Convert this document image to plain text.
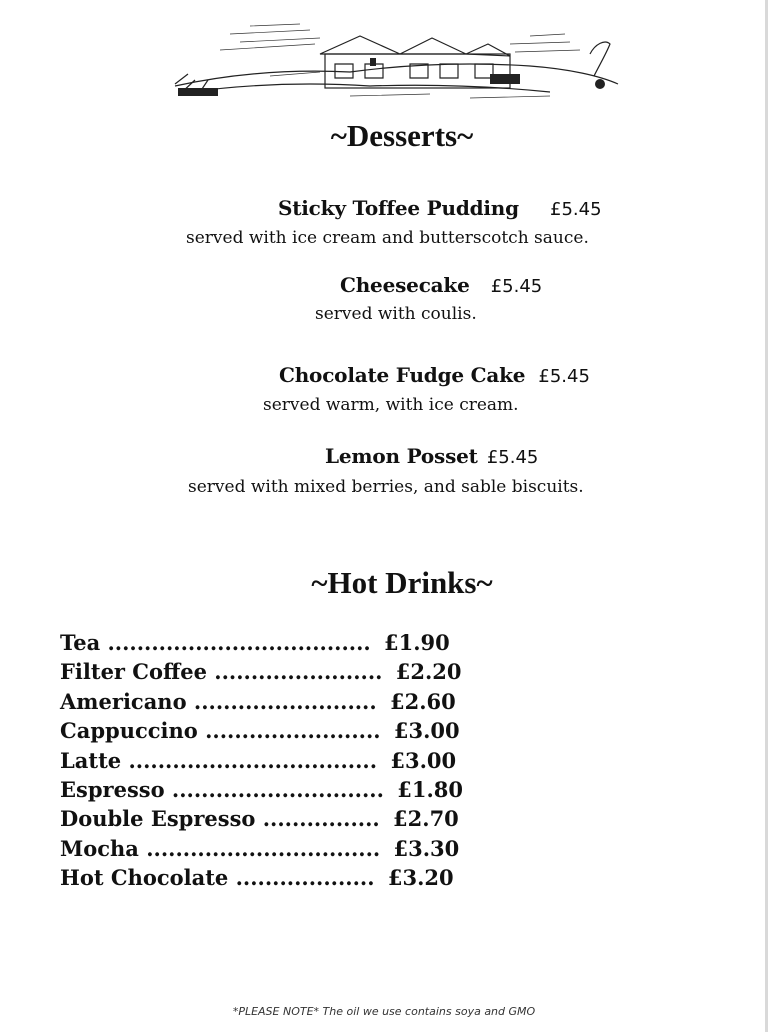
~Desserts~
Sticky Toffee Pudding £5.45
served with ice cream and butterscotch sauce.
Cheesecake £5.45
served with coulis.
Chocolate Fudge Cake £5.45
served warm, with ice cream.
Lemon Posset £5.45
served with mixed berries, and sable biscuits.
~Hot Drinks~
Tea .................................... £1.90
Filter Coffee ....................... £2.20
Americano ......................... £2.60
Cappuccino ........................ £3.00
Latte .................................. £3.00
Espresso ............................. £1.80
Double Espresso ................ £2.70
Mocha ................................ £3.30
Hot Chocolate ................... £3.20
*PLEASE NOTE* The oil we use contains soya and GMO
